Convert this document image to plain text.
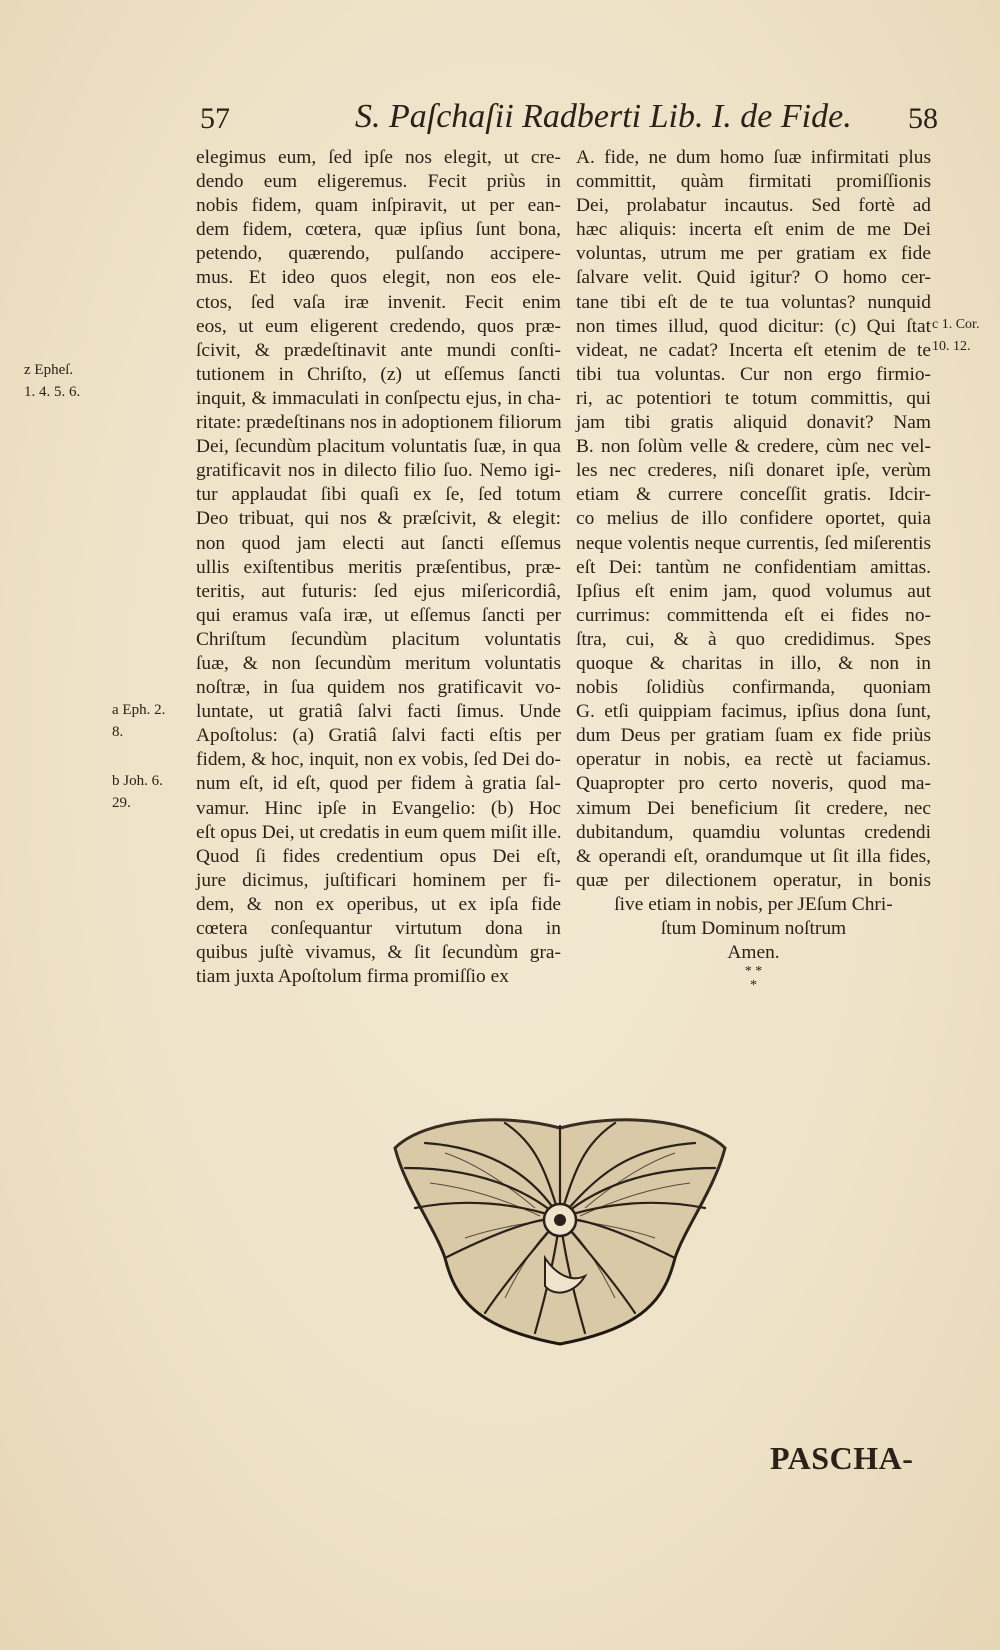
57	S. Paſchaſii Radberti Lib. I. de Fide. 58
z Epheſ.
1. 4. 5. 6.
a Eph. 2.
8.
b Joh. 6.
29.
c 1. Cor.
10. 12.
elegimus eum, ſed ipſe nos elegit, ut cre-
dendo eum eligeremus. Fecit priùs in
nobis fidem, quam inſpiravit, ut per ean-
dem fidem, cœtera, quæ ipſius ſunt bona,
petendo, quærendo, pulſando accipere-
mus. Et ideo quos elegit, non eos ele-
ctos, ſed vaſa iræ invenit. Fecit enim
eos, ut eum eligerent credendo, quos præ-
ſcivit, & prædeſtinavit ante mundi conſti-
tutionem in Chriſto, (z) ut eſſemus ſancti
inquit, & immaculati in conſpectu ejus, in cha-
ritate: prædeſtinans nos in adoptionem filiorum
Dei, ſecundùm placitum voluntatis ſuæ, in qua
gratificavit nos in dilecto filio ſuo. Nemo igi-
tur applaudat ſibi quaſi ex ſe, ſed totum
Deo tribuat, qui nos & præſcivit, & elegit:
non quod jam electi aut ſancti eſſemus
ullis exiſtentibus meritis præſentibus, præ-
teritis, aut futuris: ſed ejus miſericordiâ,
qui eramus vaſa iræ, ut eſſemus ſancti per
Chriſtum ſecundùm placitum voluntatis
ſuæ, & non ſecundùm meritum voluntatis
noſtræ, in ſua quidem nos gratificavit vo-
luntate, ut gratiâ ſalvi facti ſimus. Unde
Apoſtolus: (a) Gratiâ ſalvi facti eſtis per
fidem, & hoc, inquit, non ex vobis, ſed Dei do-
num eſt, id eſt, quod per fidem à gratia ſal-
vamur. Hinc ipſe in Evangelio: (b) Hoc
eſt opus Dei, ut credatis in eum quem miſit ille.
Quod ſi fides credentium opus Dei eſt,
jure dicimus, juſtificari hominem per fi-
dem, & non ex operibus, ut ex ipſa fide
cœtera conſequantur virtutum dona in
quibus juſtè vivamus, & ſit ſecundùm gra-
tiam juxta Apoſtolum firma promiſſio ex
A. fide, ne dum homo ſuæ infirmitati plus
committit, quàm firmitati promiſſionis
Dei, prolabatur incautus. Sed fortè ad
hæc aliquis: incerta eſt enim de me Dei
voluntas, utrum me per gratiam ex fide
ſalvare velit. Quid igitur? O homo cer-
tane tibi eſt de te tua voluntas? nunquid
non times illud, quod dicitur: (c) Qui ſtat
videat, ne cadat? Incerta eſt etenim de te
tibi tua voluntas. Cur non ergo firmio-
ri, ac potentiori te totum committis, qui
jam tibi gratis aliquid donavit? Nam
B. non ſolùm velle & credere, cùm nec vel-
les nec crederes, niſi donaret ipſe, verùm
etiam & currere conceſſit gratis. Idcir-
co melius de illo confidere oportet, quia
neque volentis neque currentis, ſed miſerentis
eſt Dei: tantùm ne confidentiam amittas.
Ipſius eſt enim jam, quod volumus aut
currimus: committenda eſt ei fides no-
ſtra, cui, & à quo credidimus. Spes
quoque & charitas in illo, & non in
nobis ſolidiùs confirmanda, quoniam
G. etſi quippiam facimus, ipſius dona ſunt,
dum Deus per gratiam ſuam ex fide priùs
operatur in nobis, ea rectè ut faciamus.
Quapropter pro certo noveris, quod ma-
ximum Dei beneficium ſit credere, nec
dubitandum, quamdiu voluntas credendi
& operandi eſt, orandumque ut ſit illa fides,
quæ per dilectionem operatur, in bonis
ſive etiam in nobis, per JEſum Chri-
ſtum Dominum noſtrum
Amen.
* *
*
PASCHA-
